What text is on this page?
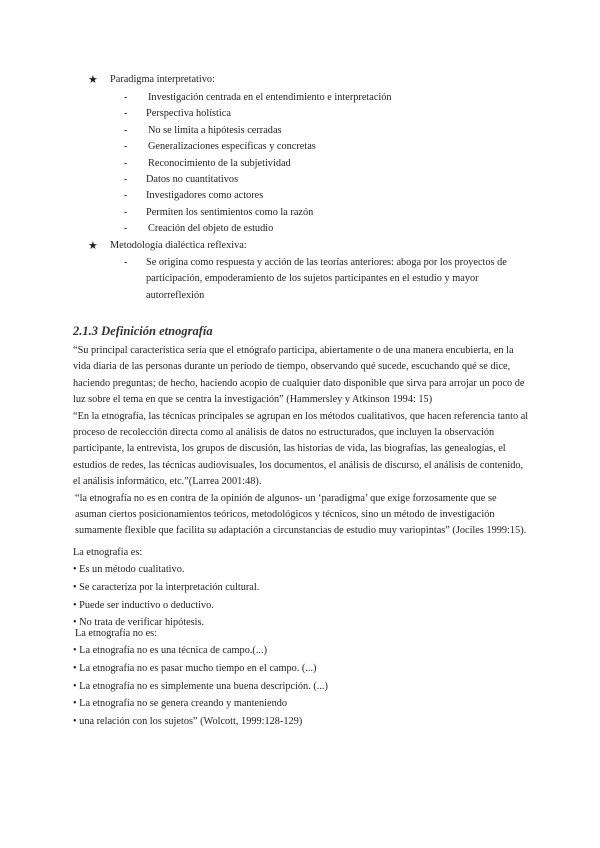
★ Paradigma interpretativo:
- Investigación centrada en el entendimiento e interpretación
- Perspectiva holística
- No se limita a hipótesis cerradas
- Generalizaciones específicas y concretas
- Reconocimiento de la subjetividad
- Datos no cuantitativos
- Investigadores como actores
- Permiten los sentimientos como la razón
- Creación del objeto de estudio
★ Metodología dialéctica reflexiva:
- Se origina como respuesta y acción de las teorías anteriores: aboga por los proyectos de participación, empoderamiento de los sujetos participantes en el estudio y mayor autorreflexión
2.1.3 Definición etnografía

“Su principal característica sería que el etnógrafo participa, abiertamente o de una manera encubierta, en la vida diaria de las personas durante un período de tiempo, observando qué sucede, escuchando qué se dice, haciendo preguntas; de hecho, haciendo acopio de cualquier dato disponible que sirva para arrojar un poco de luz sobre el tema en que se centra la investigación” (Hammersley y Atkinson 1994: 15)

“En la etnografía, las técnicas principales se agrupan en los métodos cualitativos, que hacen referencia tanto al proceso de recolección directa como al análisis de datos no estructurados, que incluyen la observación participante, la entrevista, los grupos de discusión, las historias de vida, las biografías, las genealogías, el estudios de redes, las técnicas audiovisuales, los documentos, el análisis de discurso, el análisis de contenido, el análisis informático, etc.”(Larrea 2001:48).

“la etnografía no es en contra de la opinión de algunos- un ‘paradigma’ que exige forzosamente que se asuman ciertos posicionamientos teóricos, metodológicos y técnicos, sino un método de investigación sumamente flexible que facilita su adaptación a circunstancias de estudio muy variopintas” (Jociles 1999:15).

La etnografía es:

• Es un método cualitativo.
• Se caracteriza por la interpretación cultural.
• Puede ser inductivo o deductivo.
• No trata de verificar hipótesis.

La etnografía no es:

• La etnografía no es una técnica de campo.(...)
• La etnografía no es pasar mucho tiempo en el campo. (...)
• La etnografía no es simplemente una buena descripción. (...)
• La etnografía no se genera creando y manteniendo
• una relación con los sujetos” (Wolcott, 1999:128-129)
